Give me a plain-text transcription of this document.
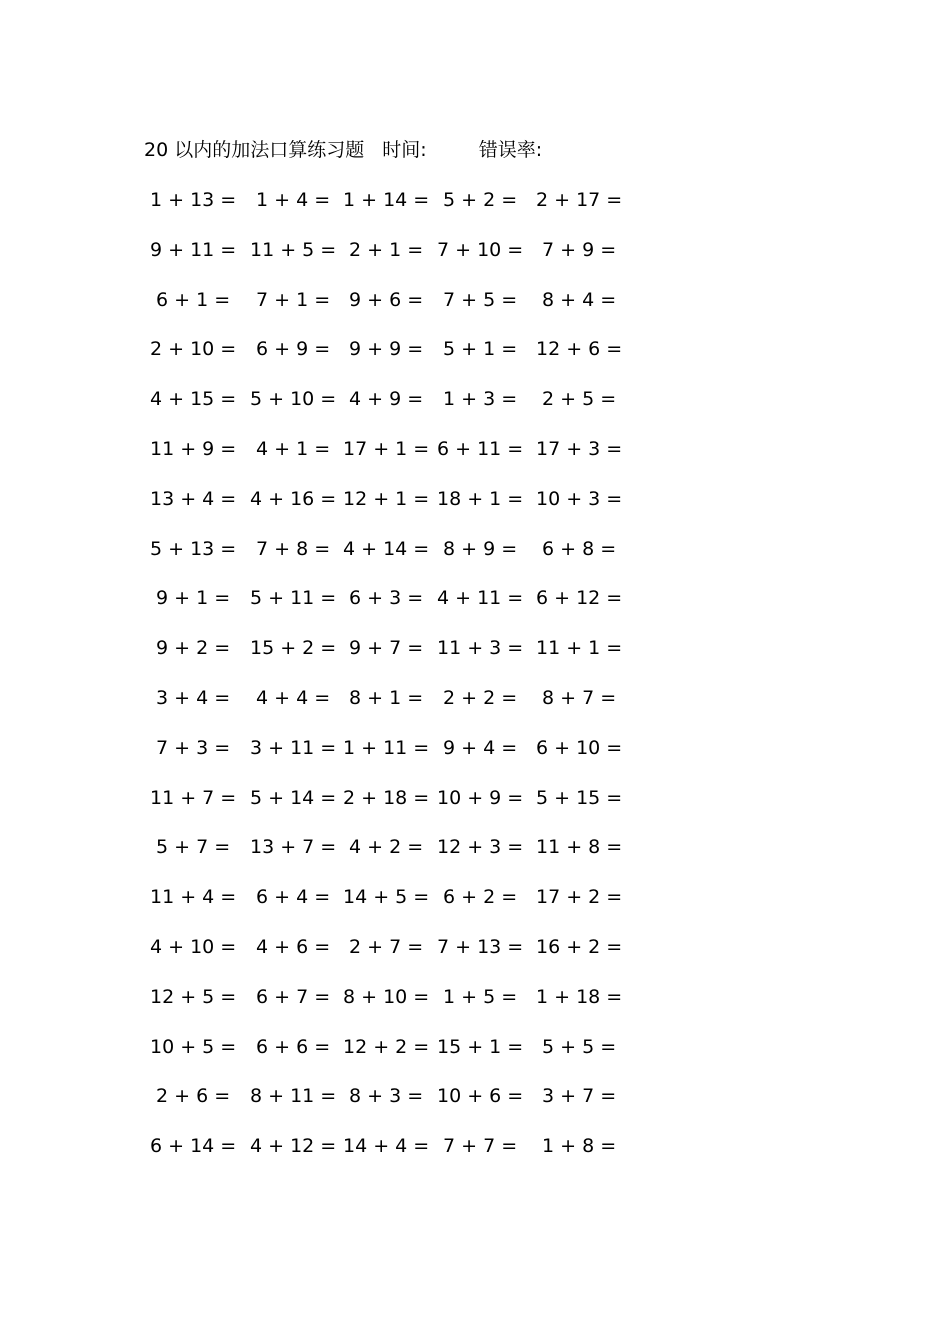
20 以内的加法口算练习题 时间:	错误率:
1 + 13 = 1 + 4 = 1 + 14 = 5 + 2 = 2 + 17 =
9 + 11 = 11 + 5 = 2 + 1 = 7 + 10 = 7 + 9 =
6 + 1 = 7 + 1 = 9 + 6 = 7 + 5 = 8 + 4 =
2 + 10 = 6 + 9 = 9 + 9 = 5 + 1 = 12 + 6 =
4 + 15 = 5 + 10 = 4 + 9 = 1 + 3 = 2 + 5 =
11 + 9 = 4 + 1 = 17 + 1 = 6 + 11 = 17 + 3 =
13 + 4 = 4 + 16 = 12 + 1 = 18 + 1 = 10 + 3 =
5 + 13 = 7 + 8 = 4 + 14 = 8 + 9 = 6 + 8 =
9 + 1 = 5 + 11 = 6 + 3 = 4 + 11 = 6 + 12 =
9 + 2 = 15 + 2 = 9 + 7 = 11 + 3 = 11 + 1 =
3 + 4 = 4 + 4 = 8 + 1 = 2 + 2 = 8 + 7 =
7 + 3 = 3 + 11 = 1 + 11 = 9 + 4 = 6 + 10 =
11 + 7 = 5 + 14 = 2 + 18 = 10 + 9 = 5 + 15 =
5 + 7 = 13 + 7 = 4 + 2 = 12 + 3 = 11 + 8 =
11 + 4 = 6 + 4 = 14 + 5 = 6 + 2 = 17 + 2 =
4 + 10 = 4 + 6 = 2 + 7 = 7 + 13 = 16 + 2 =
12 + 5 = 6 + 7 = 8 + 10 = 1 + 5 = 1 + 18 =
10 + 5 = 6 + 6 = 12 + 2 = 15 + 1 = 5 + 5 =
2 + 6 = 8 + 11 = 8 + 3 = 10 + 6 = 3 + 7 =
6 + 14 = 4 + 12 = 14 + 4 = 7 + 7 = 1 + 8 =
